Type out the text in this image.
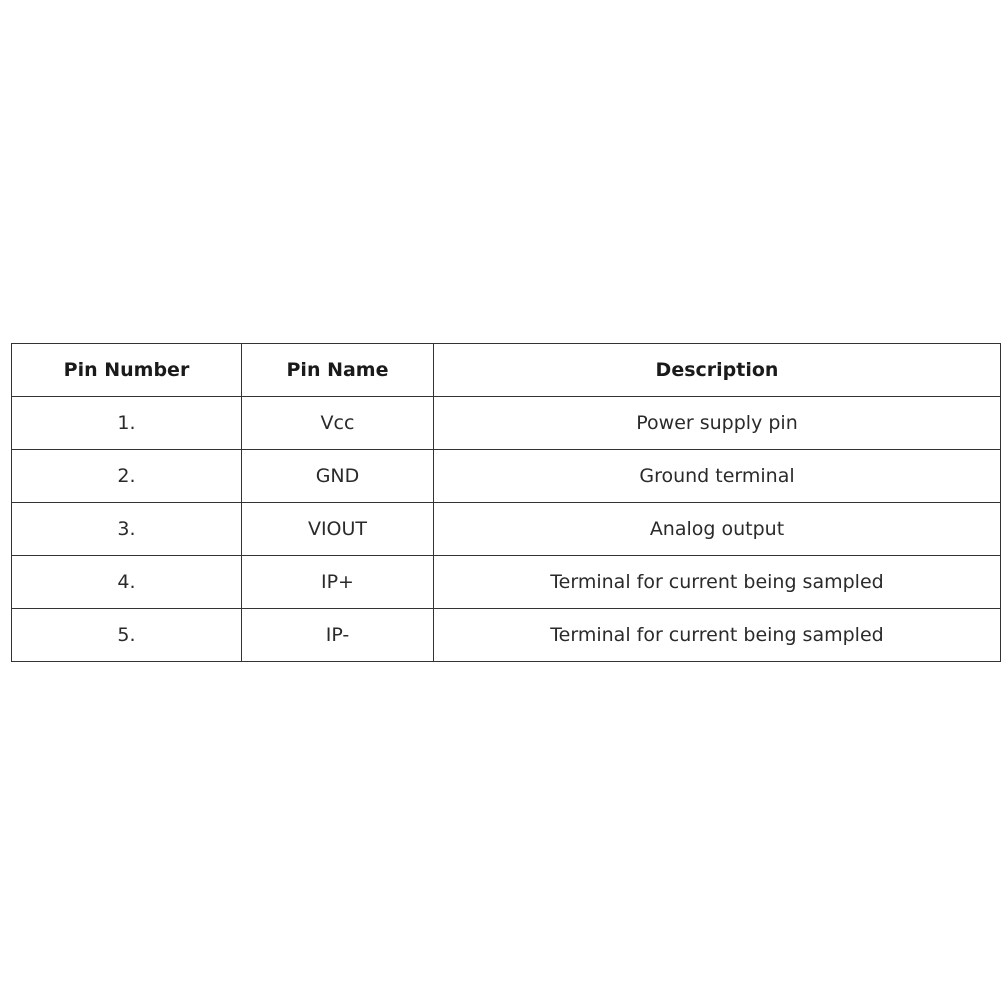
Pin Number	Pin Name	Description
1.	Vcc	Power supply pin
2.	GND	Ground terminal
3.	VIOUT	Analog output
4.	IP+	Terminal for current being sampled
5.	IP-	Terminal for current being sampled
